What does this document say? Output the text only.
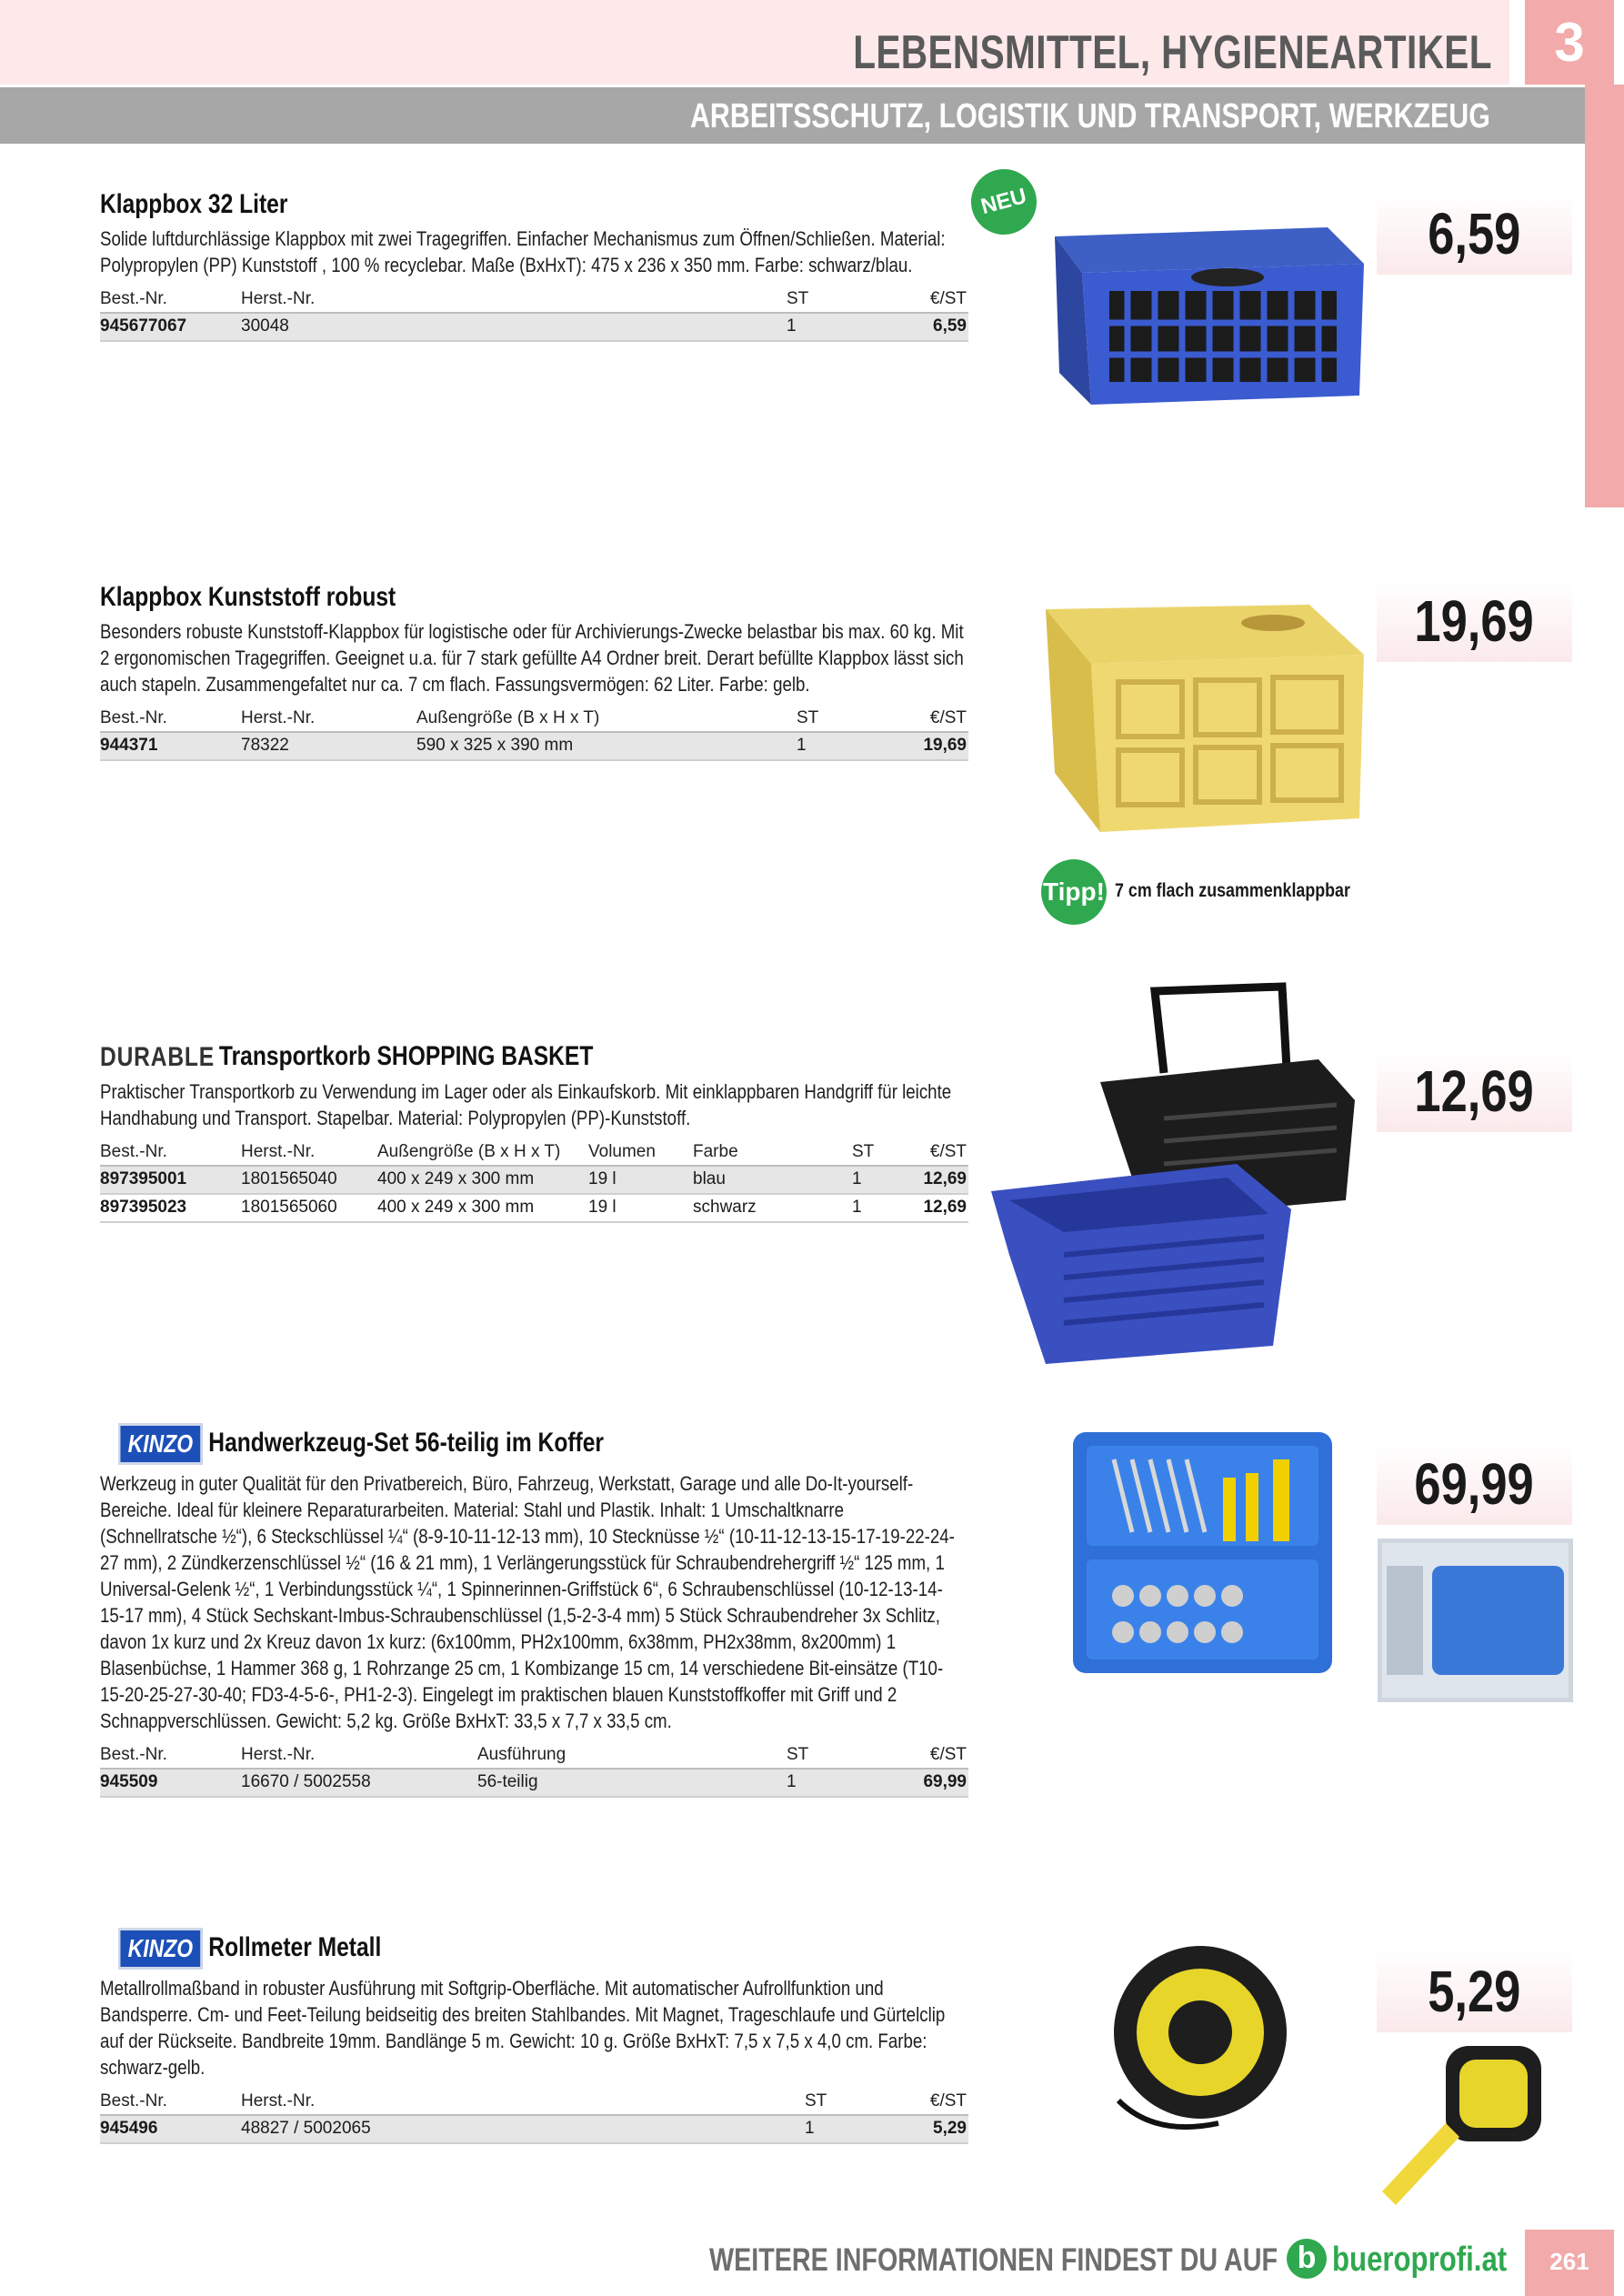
LEBENSMITTEL, HYGIENEARTIKEL	3
ARBEITSSCHUTZ, LOGISTIK UND TRANSPORT, WERKZEUG
Klappbox 32 Liter
Solide luftdurchlässige Klappbox mit zwei Tragegriffen. Einfacher Mechanismus zum Öffnen/Schließen. Material: Polypropylen (PP) Kunststoff , 100 % recyclebar. Maße (BxHxT): 475 x 236 x 350 mm. Farbe: schwarz/blau.
Best.-Nr.	Herst.-Nr.	ST	€/ST
945677067	30048	1	6,59
NEU	6,59
Klappbox Kunststoff robust
Besonders robuste Kunststoff-Klappbox für logistische oder für Archivierungs-Zwecke belastbar bis max. 60 kg. Mit 2 ergonomischen Tragegriffen. Geeignet u.a. für 7 stark gefüllte A4 Ordner breit. Derart befüllte Klappbox lässt sich auch stapeln. Zusammengefaltet nur ca. 7 cm flach. Fassungsvermögen: 62 Liter. Farbe: gelb.
Best.-Nr.	Herst.-Nr.	Außengröße (B x H x T)	ST	€/ST
944371	78322	590 x 325 x 390 mm	1	19,69
19,69
Tipp! 7 cm flach zusammenklappbar
DURABLE Transportkorb SHOPPING BASKET
Praktischer Transportkorb zu Verwendung im Lager oder als Einkaufskorb. Mit einklappbaren Handgriff für leichte Handhabung und Transport. Stapelbar. Material: Polypropylen (PP)-Kunststoff.
Best.-Nr.	Herst.-Nr.	Außengröße (B x H x T)	Volumen	Farbe	ST	€/ST
897395001	1801565040	400 x 249 x 300 mm	19 l	blau	1	12,69
897395023	1801565060	400 x 249 x 300 mm	19 l	schwarz	1	12,69
12,69
KINZO Handwerkzeug-Set 56-teilig im Koffer
Werkzeug in guter Qualität für den Privatbereich, Büro, Fahrzeug, Werkstatt, Garage und alle Do-It-yourself-Bereiche. Ideal für kleinere Reparaturarbeiten. Material: Stahl und Plastik. Inhalt: 1 Umschaltknarre (Schnellratsche ½“), 6 Steckschlüssel ¼“ (8-9-10-11-12-13 mm), 10 Stecknüsse ½“ (10-11-12-13-15-17-19-22-24-27 mm), 2 Zündkerzenschlüssel ½“ (16 & 21 mm), 1 Verlängerungsstück für Schraubendrehergriff ½“ 125 mm, 1 Universal-Gelenk ½“, 1 Verbindungsstück ¼“, 1 Spinnerinnen-Griffstück 6“, 6 Schraubenschlüssel (10-12-13-14-15-17 mm), 4 Stück Sechskant-Imbus-Schraubenschlüssel (1,5-2-3-4 mm) 5 Stück Schraubendreher 3x Schlitz, davon 1x kurz und 2x Kreuz davon 1x kurz: (6x100mm, PH2x100mm, 6x38mm, PH2x38mm, 8x200mm) 1 Blasenbüchse, 1 Hammer 368 g, 1 Rohrzange 25 cm, 1 Kombizange 15 cm, 14 verschiedene Bit-einsätze (T10-15-20-25-27-30-40; FD3-4-5-6-, PH1-2-3). Eingelegt im praktischen blauen Kunststoffkoffer mit Griff und 2 Schnappverschlüssen. Gewicht: 5,2 kg. Größe BxHxT: 33,5 x 7,7 x 33,5 cm.
Best.-Nr.	Herst.-Nr.	Ausführung	ST	€/ST
945509	16670 / 5002558	56-teilig	1	69,99
69,99
KINZO Rollmeter Metall
Metallrollmaßband in robuster Ausführung mit Softgrip-Oberfläche. Mit automatischer Aufrollfunktion und Bandsperre. Cm- und Feet-Teilung beidseitig des breiten Stahlbandes. Mit Magnet, Trageschlaufe und Gürtelclip auf der Rückseite. Bandbreite 19mm. Bandlänge 5 m. Gewicht: 10 g. Größe BxHxT: 7,5 x 7,5 x 4,0 cm. Farbe: schwarz-gelb.
Best.-Nr.	Herst.-Nr.	ST	€/ST
945496	48827 / 5002065	1	5,29
5,29
WEITERE INFORMATIONEN FINDEST DU AUF b bueroprofi.at	261
